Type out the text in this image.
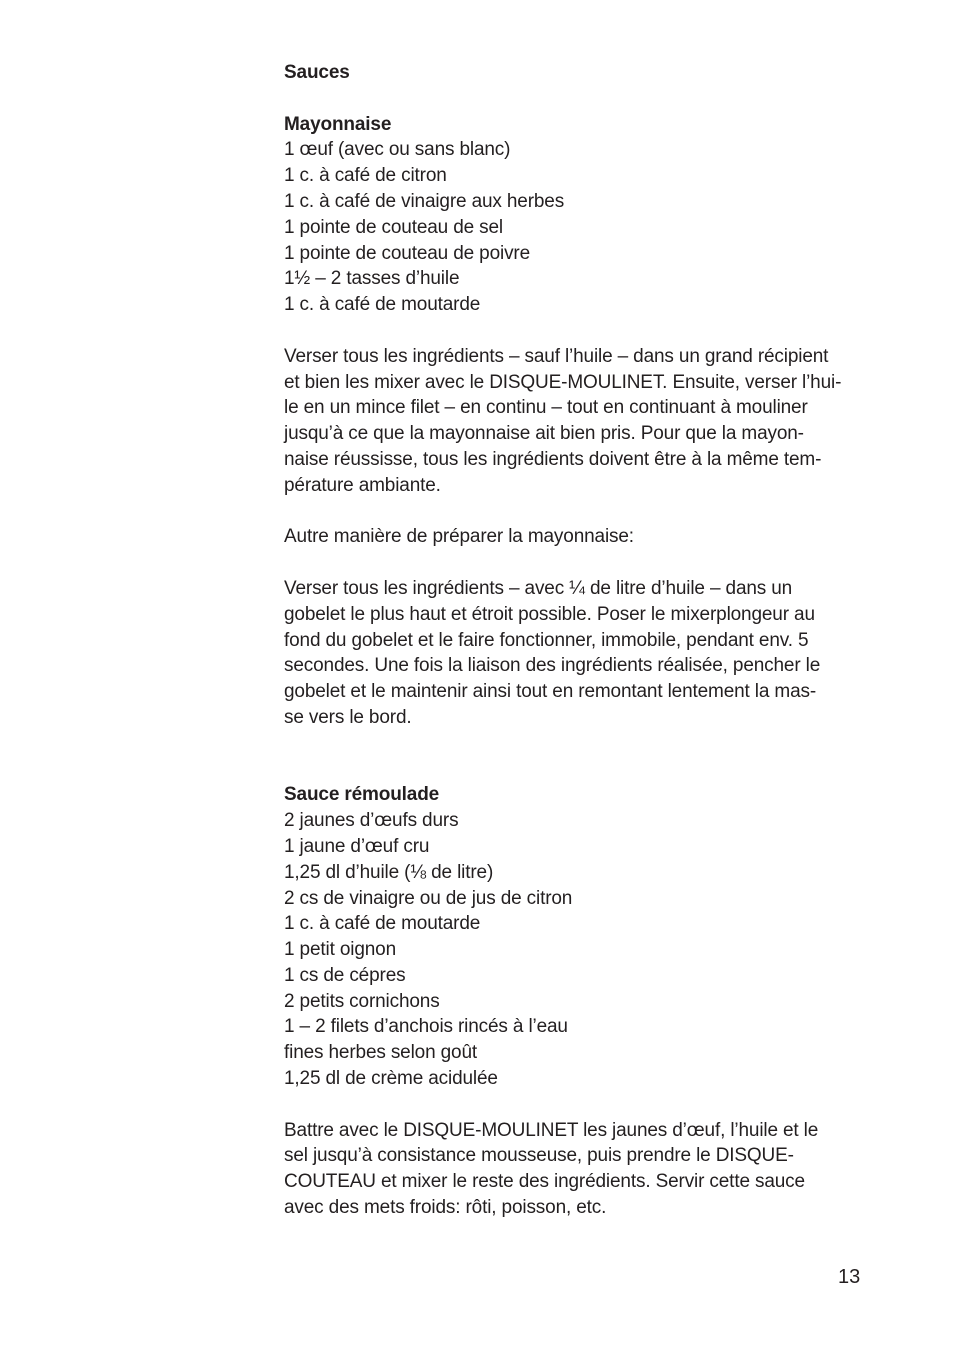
Sauces
Mayonnaise
1 œuf (avec ou sans blanc)
1 c. à café de citron
1 c. à café de vinaigre aux herbes
1 pointe de couteau de sel
1 pointe de couteau de poivre
1½ – 2 tasses d’huile
1 c. à café de moutarde
Verser tous les ingrédients – sauf l’huile – dans un grand récipient
et bien les mixer avec le DISQUE-MOULINET. Ensuite, verser l’hui-
le en un mince filet – en continu – tout en continuant à mouliner
jusqu’à ce que la mayonnaise ait bien pris. Pour que la mayon-
naise réussisse, tous les ingrédients doivent être à la même tem-
pérature ambiante.
Autre manière de préparer la mayonnaise:
Verser tous les ingrédients – avec ¼ de litre d’huile – dans un
gobelet le plus haut et étroit possible. Poser le mixerplongeur au
fond du gobelet et le faire fonctionner, immobile, pendant env. 5
secondes. Une fois la liaison des ingrédients réalisée, pencher le
gobelet et le maintenir ainsi tout en remontant lentement la mas-
se vers le bord.
Sauce rémoulade
2 jaunes d’œufs durs
1 jaune d’œuf cru
1,25 dl d’huile (⅛ de litre)
2 cs de vinaigre ou de jus de citron
1 c. à café de moutarde
1 petit oignon
1 cs de cépres
2 petits cornichons
1 – 2 filets d’anchois rincés à l’eau
fines herbes selon goût
1,25 dl de crème acidulée
Battre avec le DISQUE-MOULINET les jaunes d’œuf, l’huile et le
sel jusqu’à consistance mousseuse, puis prendre le DISQUE-
COUTEAU et mixer le reste des ingrédients. Servir cette sauce
avec des mets froids: rôti, poisson, etc.
13
